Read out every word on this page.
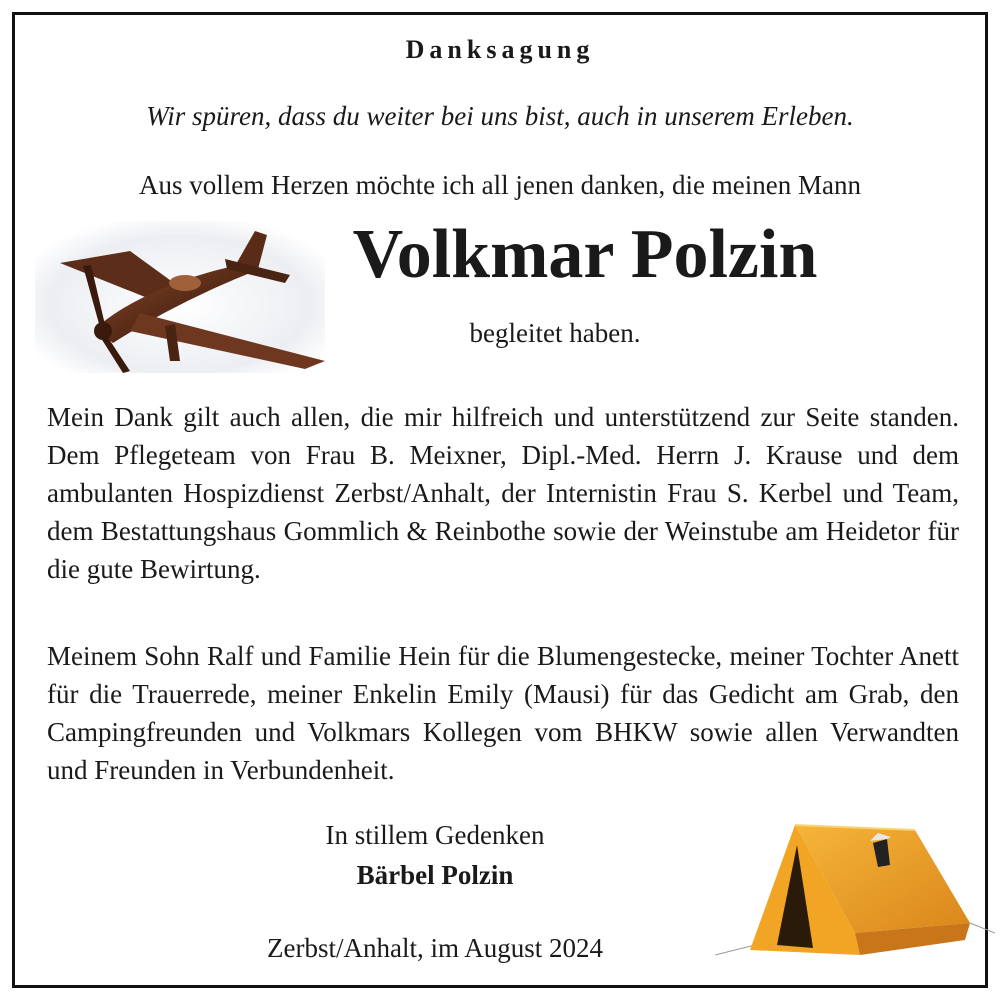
Danksagung
Wir spüren, dass du weiter bei uns bist, auch in unserem Erleben.
Aus vollem Herzen möchte ich all jenen danken, die meinen Mann
Volkmar Polzin
begleitet haben.

Mein Dank gilt auch allen, die mir hilfreich und unterstützend zur Seite standen. Dem Pflegeteam von Frau B. Meixner, Dipl.-Med. Herrn J. Krause und dem ambulanten Hospizdienst Zerbst/Anhalt, der Internistin Frau S. Kerbel und Team, dem Bestattungshaus Gommlich & Reinbothe sowie der Weinstube am Heidetor für die gute Bewirtung.

Meinem Sohn Ralf und Familie Hein für die Blumengestecke, meiner Tochter Anett für die Trauerrede, meiner Enkelin Emily (Mausi) für das Gedicht am Grab, den Campingfreunden und Volkmars Kollegen vom BHKW sowie allen Verwandten und Freunden in Verbundenheit.

In stillem Gedenken
Bärbel Polzin
Zerbst/Anhalt, im August 2024
